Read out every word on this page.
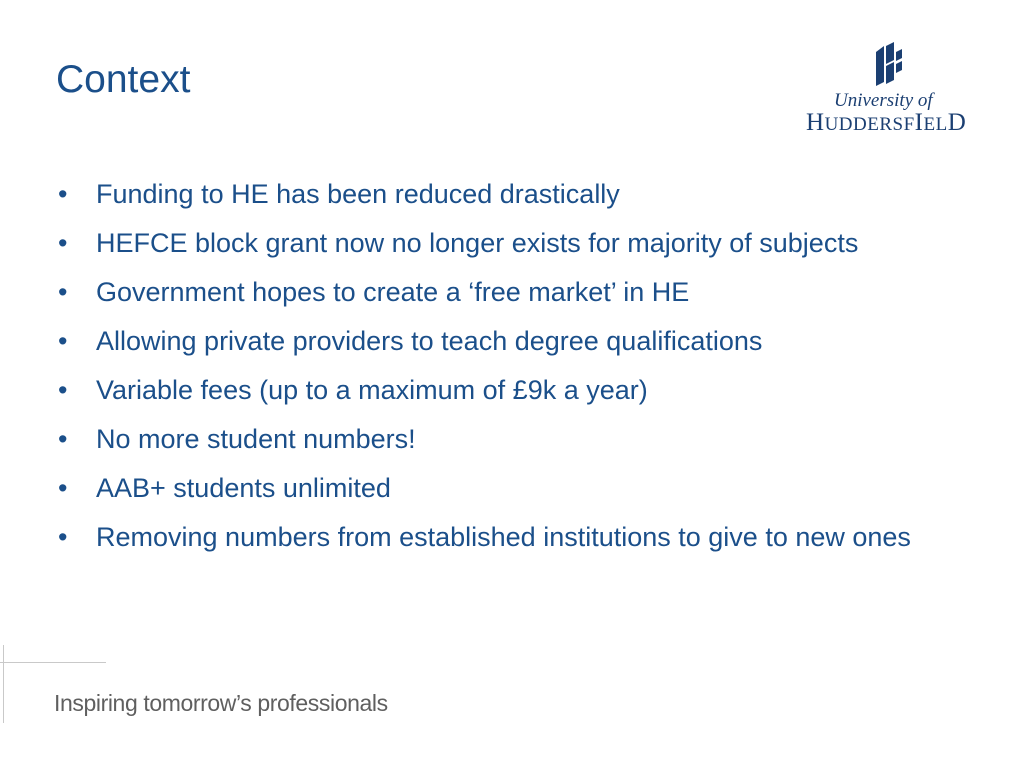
Context	University of
HUDDERSFIELD
• Funding to HE has been reduced drastically
• HEFCE block grant now no longer exists for majority of subjects
• Government hopes to create a ‘free market’ in HE
• Allowing private providers to teach degree qualifications
• Variable fees (up to a maximum of £9k a year)
• No more student numbers!
• AAB+ students unlimited
• Removing numbers from established institutions to give to new ones
Inspiring tomorrow’s professionals
